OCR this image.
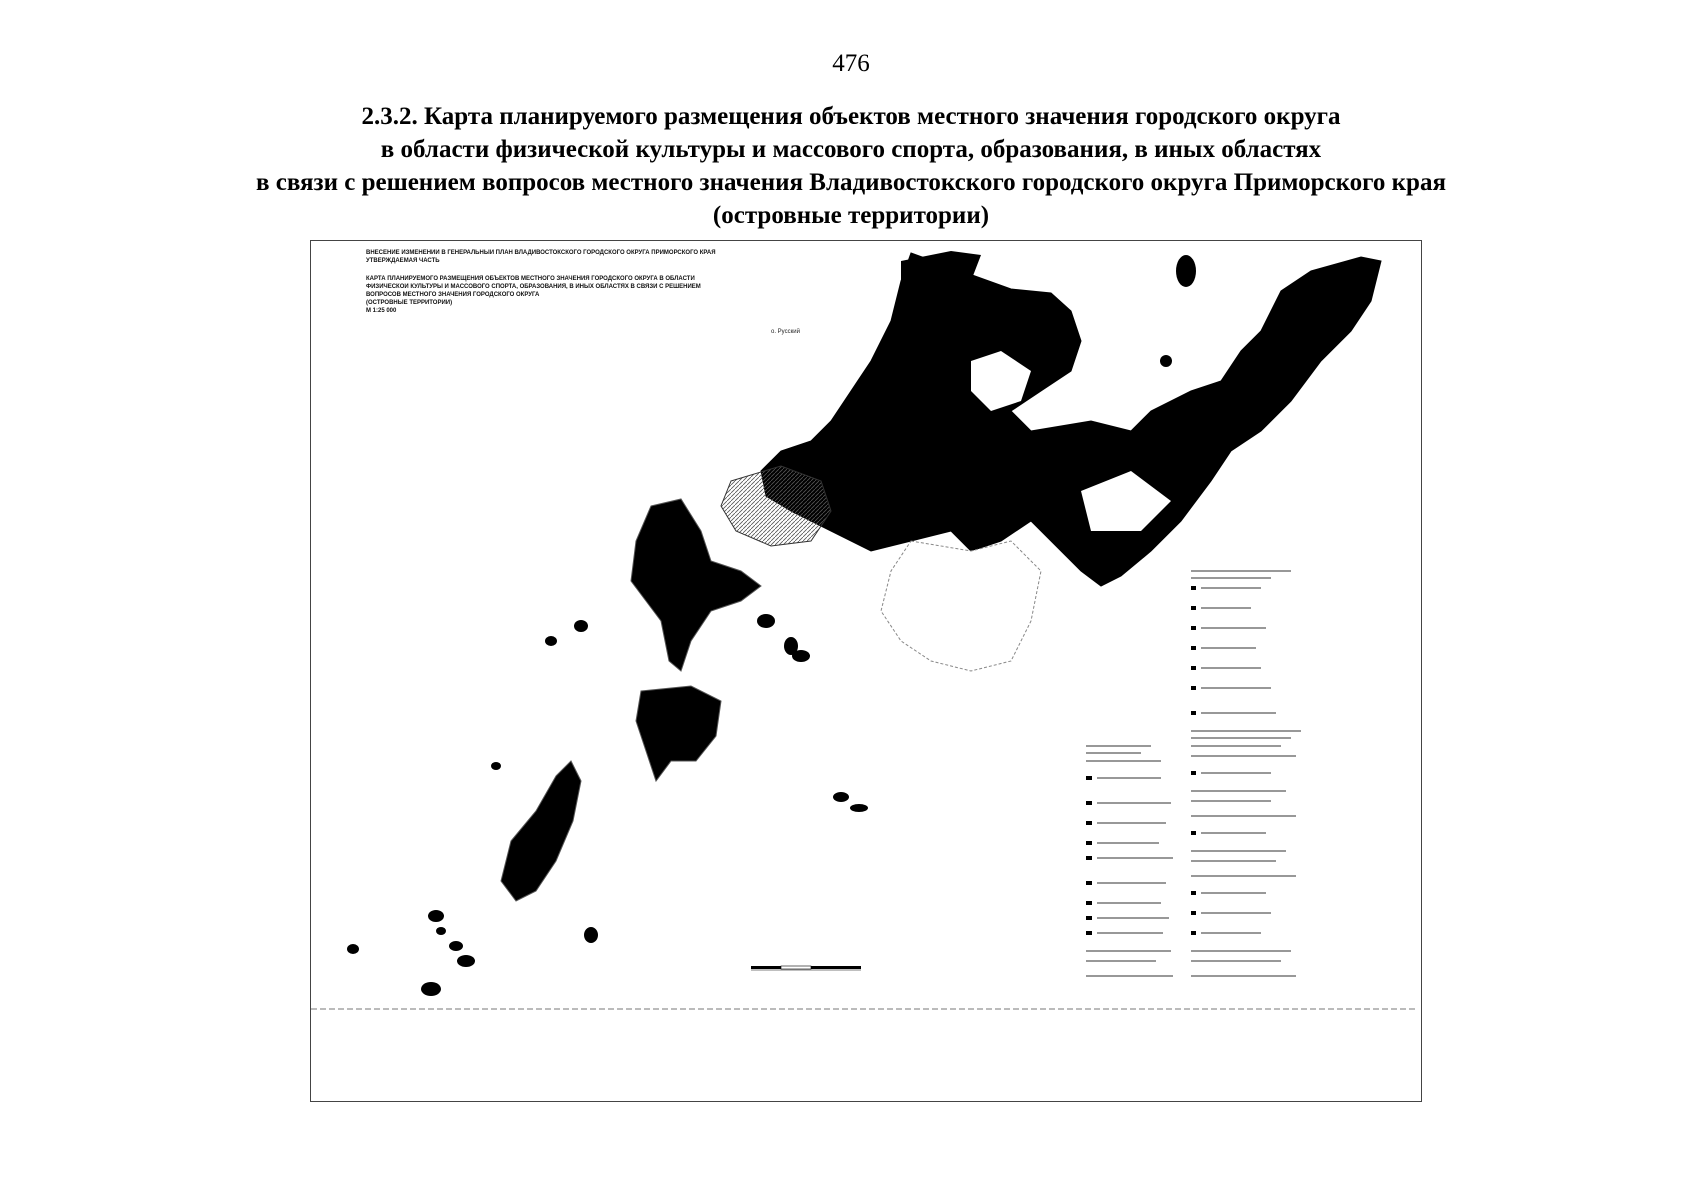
476
2.3.2. Карта планируемого размещения объектов местного значения городского округа
в области физической культуры и массового спорта, образования, в иных областях
в связи с решением вопросов местного значения Владивостокского городского округа Приморского края
(островные территории)
ВНЕСЕНИЕ ИЗМЕНЕНИЙ В ГЕНЕРАЛЬНЫЙ ПЛАН ВЛАДИВОСТОКСКОГО ГОРОДСКОГО ОКРУГА ПРИМОРСКОГО КРАЯ
УТВЕРЖДАЕМАЯ ЧАСТЬ
КАРТА ПЛАНИРУЕМОГО РАЗМЕЩЕНИЯ ОБЪЕКТОВ МЕСТНОГО ЗНАЧЕНИЯ ГОРОДСКОГО ОКРУГА В ОБЛАСТИ
ФИЗИЧЕСКОЙ КУЛЬТУРЫ И МАССОВОГО СПОРТА, ОБРАЗОВАНИЯ, В ИНЫХ ОБЛАСТЯХ В СВЯЗИ С РЕШЕНИЕМ
ВОПРОСОВ МЕСТНОГО ЗНАЧЕНИЯ ГОРОДСКОГО ОКРУГА
(ОСТРОВНЫЕ ТЕРРИТОРИИ)
М 1:25 000
о. Русский
